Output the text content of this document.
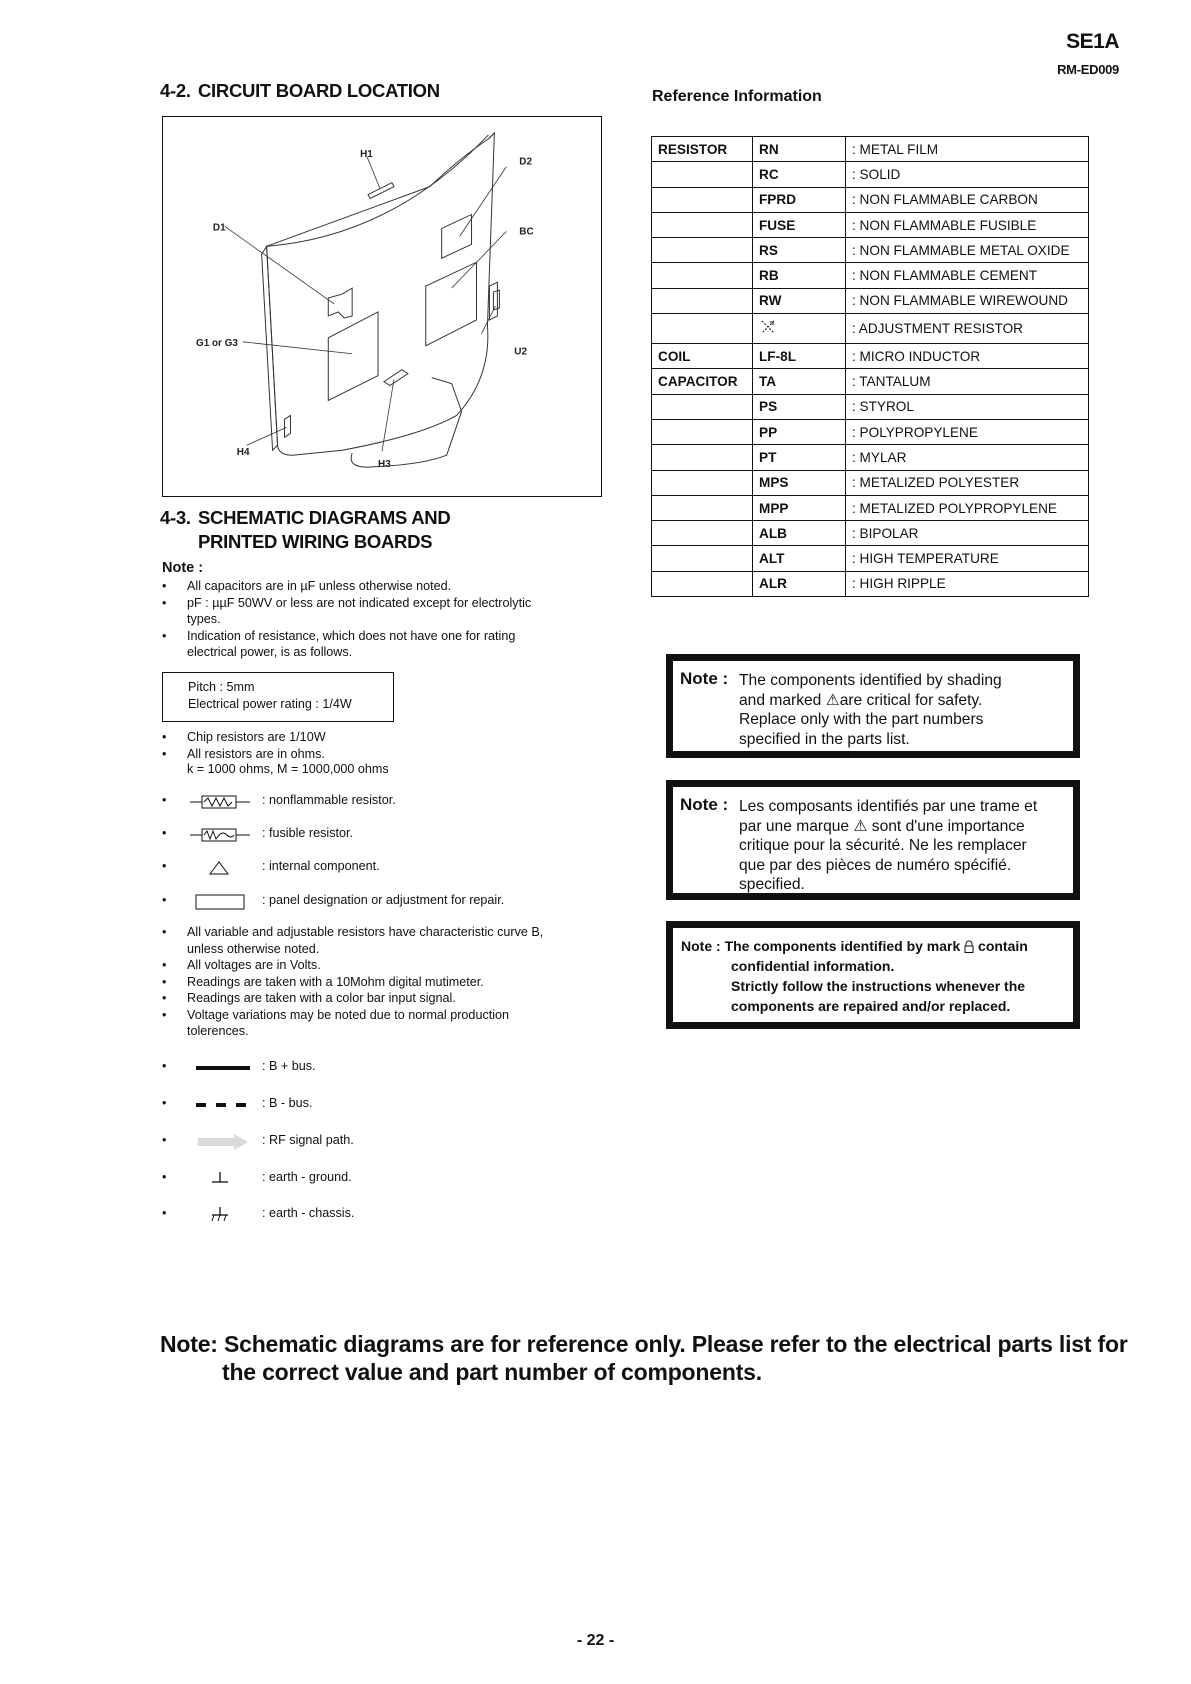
SE1A
RM-ED009
4-2. CIRCUIT BOARD LOCATION
H1
D2
D1	BC
G1 or G3
U2
H4
H3
4-3. SCHEMATIC DIAGRAMS AND
PRINTED WIRING BOARDS
Note :
• All capacitors are in µF unless otherwise noted.
• pF : µµF 50WV or less are not indicated except for electrolytic types.
• Indication of resistance, which does not have one for rating electrical power, is as follows.
Pitch : 5mm
Electrical power rating : 1/4W
• Chip resistors are 1/10W
• All resistors are in ohms.
k = 1000 ohms, M = 1000,000 ohms
•	: nonflammable resistor.
•	: fusible resistor.
•	: internal component.
•	: panel designation or adjustment for repair.
• All variable and adjustable resistors have characteristic curve B, unless otherwise noted.
• All voltages are in Volts.
• Readings are taken with a 10Mohm digital mutimeter.
• Readings are taken with a color bar input signal.
• Voltage variations may be noted due to normal production tolerences.
•	: B + bus.
•	: B - bus.
•	: RF signal path.
•	: earth - ground.
•	: earth - chassis.
Reference Information
RESISTOR	RN	: METAL FILM
	RC	: SOLID
	FPRD	: NON FLAMMABLE CARBON
	FUSE	: NON FLAMMABLE FUSIBLE
	RS	: NON FLAMMABLE METAL OXIDE
	RB	: NON FLAMMABLE CEMENT
	RW	: NON FLAMMABLE WIREWOUND
		: ADJUSTMENT RESISTOR
COIL	LF-8L	: MICRO INDUCTOR
CAPACITOR	TA	: TANTALUM
	PS	: STYROL
	PP	: POLYPROPYLENE
	PT	: MYLAR
	MPS	: METALIZED POLYESTER
	MPP	: METALIZED POLYPROPYLENE
	ALB	: BIPOLAR
	ALT	: HIGH TEMPERATURE
	ALR	: HIGH RIPPLE
Note : The components identified by shading
and marked ⚠are critical for safety.
Replace only with the part numbers
specified in the parts list.
Note : Les composants identifiés par une trame et
par une marque ⚠ sont d'une importance
critique pour la sécurité. Ne les remplacer
que par des pièces de numéro spécifié.
specified.
Note : The components identified by mark contain
confidential information.
Strictly follow the instructions whenever the
components are repaired and/or replaced.
Note: Schematic diagrams are for reference only. Please refer to the electrical parts list for
the correct value and part number of components.
- 22 -
